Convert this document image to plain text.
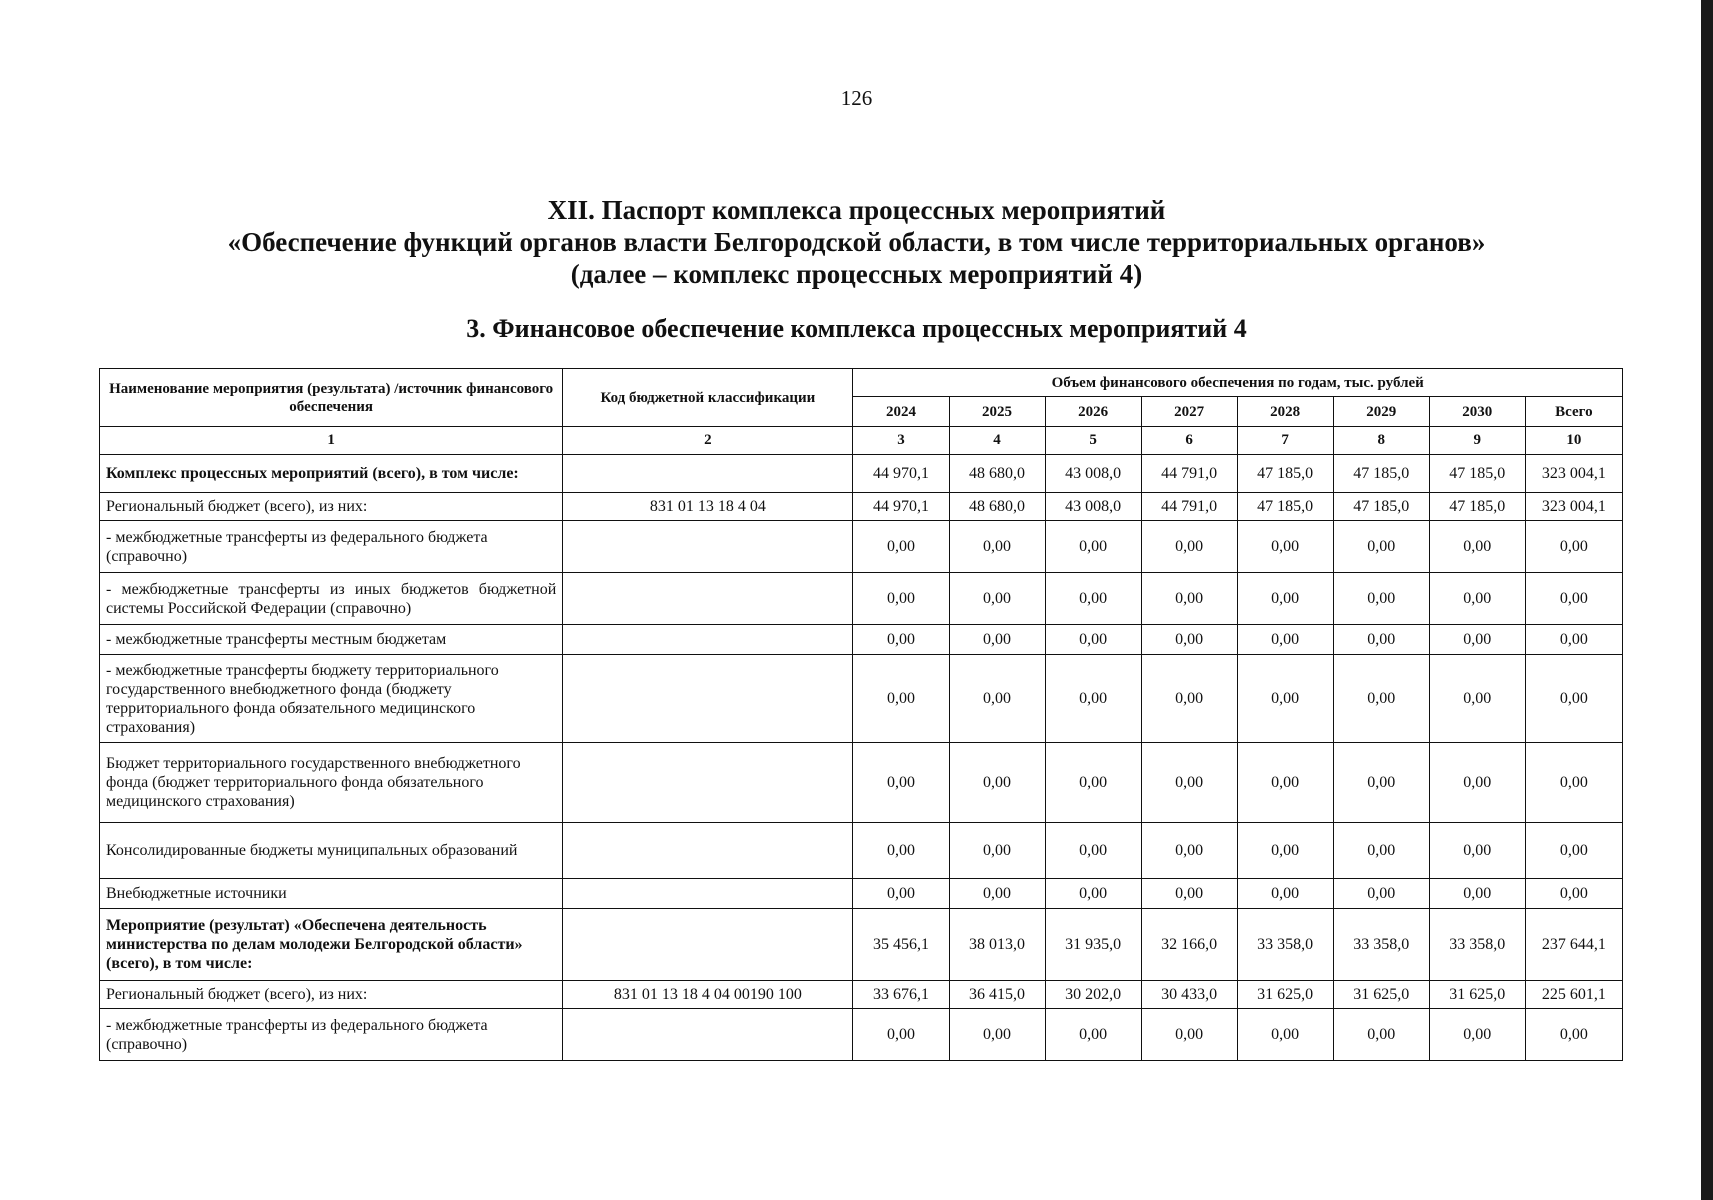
126
XII. Паспорт комплекса процессных мероприятий
«Обеспечение функций органов власти Белгородской области, в том числе территориальных органов»
(далее – комплекс процессных мероприятий 4)
3. Финансовое обеспечение комплекса процессных мероприятий 4
Наименование мероприятия (результата) /источник финансового обеспечения	Код бюджетной классификации	Объем финансового обеспечения по годам, тыс. рублей							
		2024	2025	2026	2027	2028	2029	2030	Всего
1	2	3	4	5	6	7	8	9	10
Комплекс процессных мероприятий (всего), в том числе:		44 970,1	48 680,0	43 008,0	44 791,0	47 185,0	47 185,0	47 185,0	323 004,1
Региональный бюджет (всего), из них:	831 01 13 18 4 04	44 970,1	48 680,0	43 008,0	44 791,0	47 185,0	47 185,0	47 185,0	323 004,1
- межбюджетные трансферты из федерального бюджета (справочно)		0,00	0,00	0,00	0,00	0,00	0,00	0,00	0,00
- межбюджетные трансферты из иных бюджетов бюджетной системы Российской Федерации (справочно)		0,00	0,00	0,00	0,00	0,00	0,00	0,00	0,00
- межбюджетные трансферты местным бюджетам		0,00	0,00	0,00	0,00	0,00	0,00	0,00	0,00
- межбюджетные трансферты бюджету территориального государственного внебюджетного фонда (бюджету территориального фонда обязательного медицинского страхования)		0,00	0,00	0,00	0,00	0,00	0,00	0,00	0,00
Бюджет территориального государственного внебюджетного фонда (бюджет территориального фонда обязательного медицинского страхования)		0,00	0,00	0,00	0,00	0,00	0,00	0,00	0,00
Консолидированные бюджеты муниципальных образований		0,00	0,00	0,00	0,00	0,00	0,00	0,00	0,00
Внебюджетные источники		0,00	0,00	0,00	0,00	0,00	0,00	0,00	0,00
Мероприятие (результат) «Обеспечена деятельность министерства по делам молодежи Белгородской области» (всего), в том числе:		35 456,1	38 013,0	31 935,0	32 166,0	33 358,0	33 358,0	33 358,0	237 644,1
Региональный бюджет (всего), из них:	831 01 13 18 4 04 00190 100	33 676,1	36 415,0	30 202,0	30 433,0	31 625,0	31 625,0	31 625,0	225 601,1
- межбюджетные трансферты из федерального бюджета (справочно)		0,00	0,00	0,00	0,00	0,00	0,00	0,00	0,00
